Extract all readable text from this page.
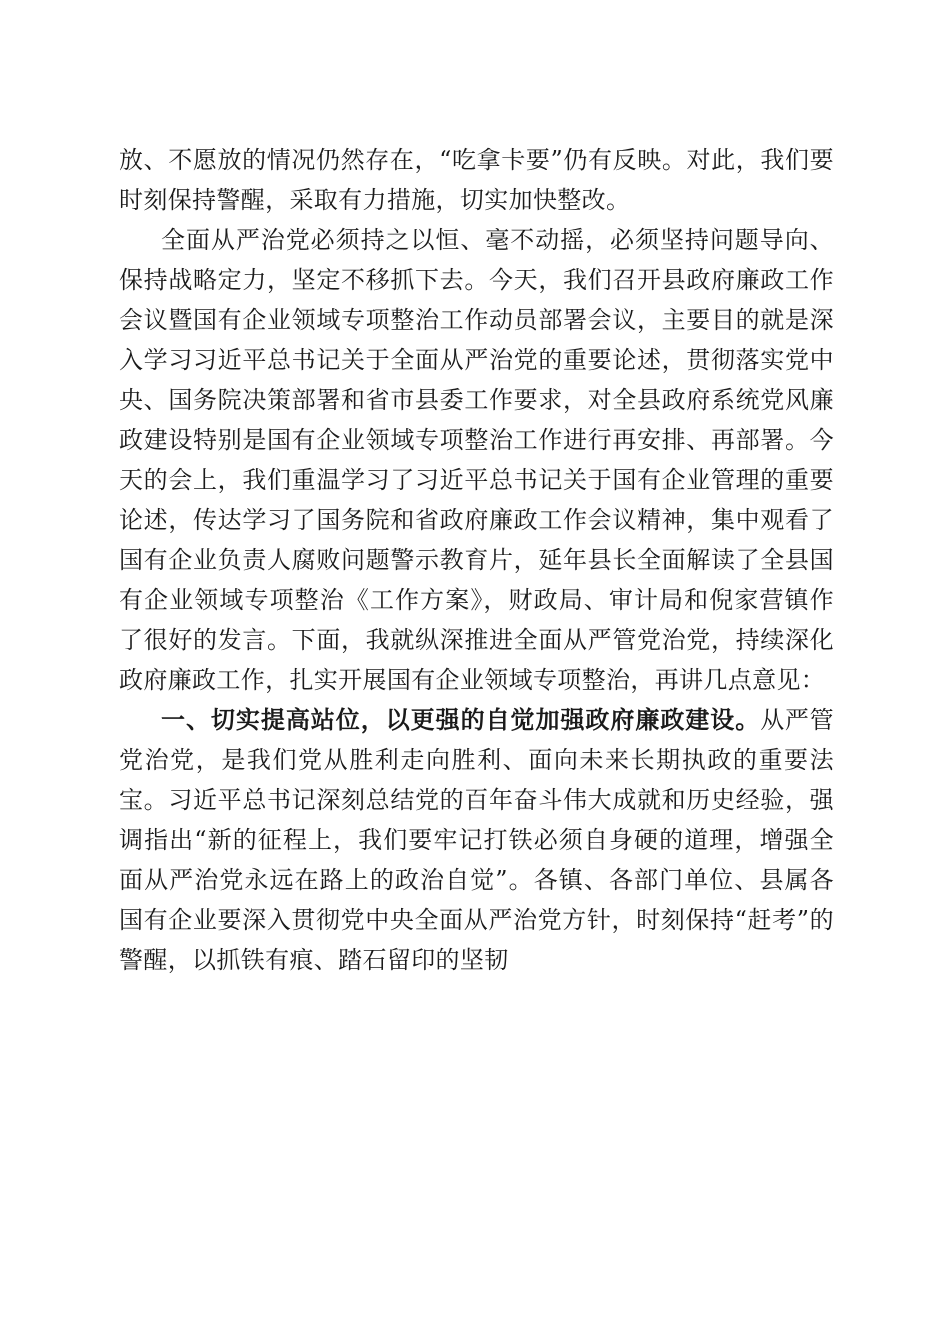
放、不愿放的情况仍然存在，“吃拿卡要”仍有反映。对此，我们要时刻保持警醒，采取有力措施，切实加快整改。

全面从严治党必须持之以恒、毫不动摇，必须坚持问题导向、保持战略定力，坚定不移抓下去。今天，我们召开县政府廉政工作会议暨国有企业领域专项整治工作动员部署会议，主要目的就是深入学习习近平总书记关于全面从严治党的重要论述，贯彻落实党中央、国务院决策部署和省市县委工作要求，对全县政府系统党风廉政建设特别是国有企业领域专项整治工作进行再安排、再部署。今天的会上，我们重温学习了习近平总书记关于国有企业管理的重要论述，传达学习了国务院和省政府廉政工作会议精神，集中观看了国有企业负责人腐败问题警示教育片，延年县长全面解读了全县国有企业领域专项整治《工作方案》，财政局、审计局和倪家营镇作了很好的发言。下面，我就纵深推进全面从严管党治党，持续深化政府廉政工作，扎实开展国有企业领域专项整治，再讲几点意见：

一、切实提高站位，以更强的自觉加强政府廉政建设。从严管党治党，是我们党从胜利走向胜利、面向未来长期执政的重要法宝。习近平总书记深刻总结党的百年奋斗伟大成就和历史经验，强调指出“新的征程上，我们要牢记打铁必须自身硬的道理，增强全面从严治党永远在路上的政治自觉”。各镇、各部门单位、县属各国有企业要深入贯彻党中央全面从严治党方针，时刻保持“赶考”的警醒，以抓铁有痕、踏石留印的坚韧
